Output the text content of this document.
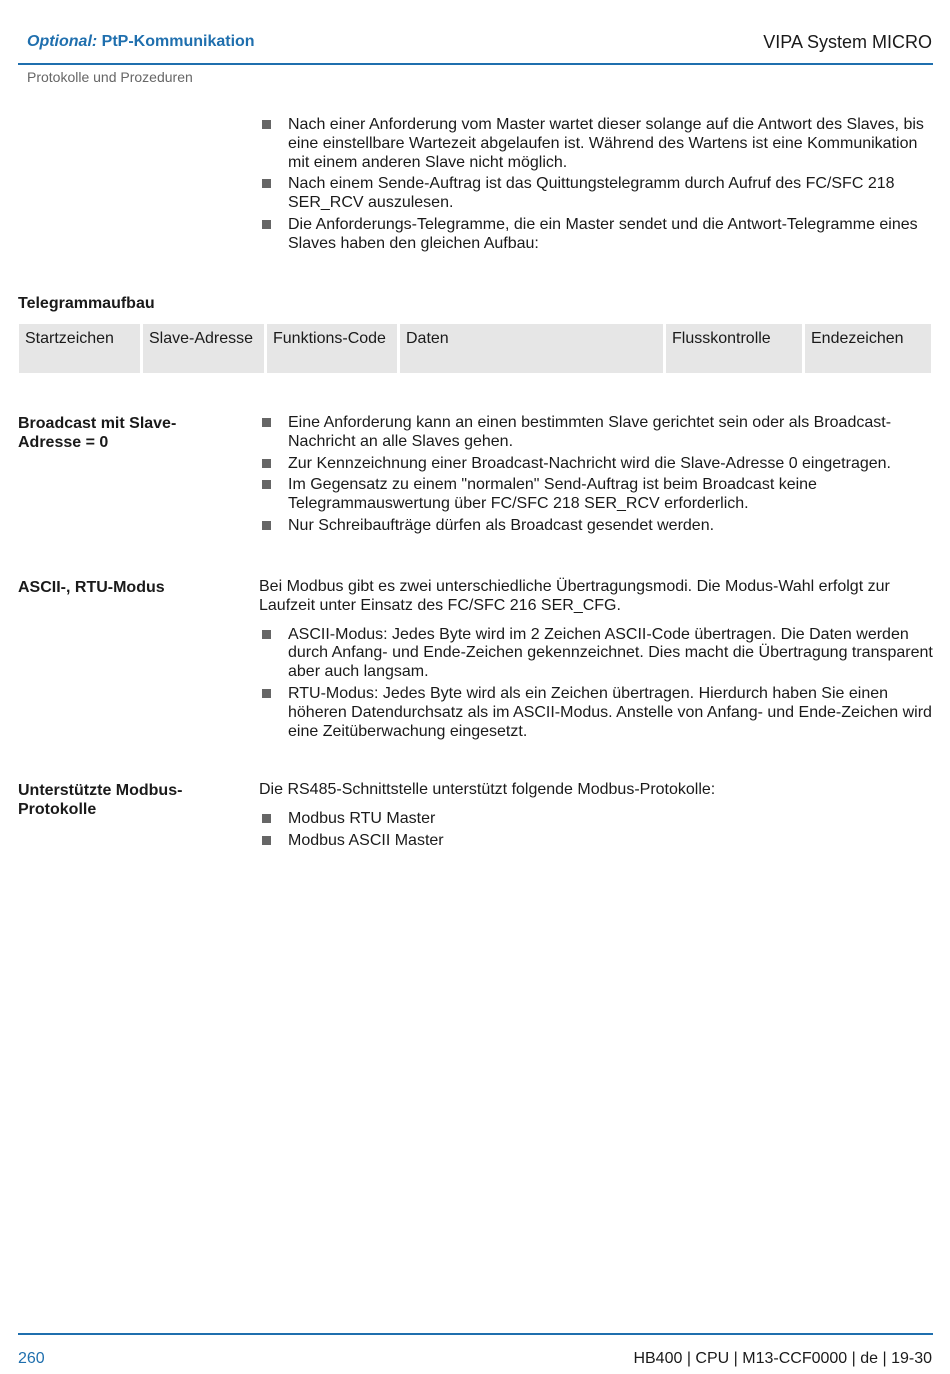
Optional: PtP-Kommunikation	VIPA System MICRO
Protokolle und Prozeduren
Nach einer Anforderung vom Master wartet dieser solange auf die Antwort des Slaves, bis eine einstellbare Wartezeit abgelaufen ist. Während des Wartens ist eine Kommunikation mit einem anderen Slave nicht möglich.
Nach einem Sende-Auftrag ist das Quittungstelegramm durch Aufruf des FC/SFC 218 SER_RCV auszulesen.
Die Anforderungs-Telegramme, die ein Master sendet und die Antwort-Telegramme eines Slaves haben den gleichen Aufbau:
Telegrammaufbau
Startzeichen	Slave-Adresse	Funktions-Code	Daten	Flusskontrolle	Endezeichen
Broadcast mit Slave-Adresse = 0
Eine Anforderung kann an einen bestimmten Slave gerichtet sein oder als Broadcast-Nachricht an alle Slaves gehen.
Zur Kennzeichnung einer Broadcast-Nachricht wird die Slave-Adresse 0 eingetragen.
Im Gegensatz zu einem "normalen" Send-Auftrag ist beim Broadcast keine Telegrammauswertung über FC/SFC 218 SER_RCV erforderlich.
Nur Schreibaufträge dürfen als Broadcast gesendet werden.
ASCII-, RTU-Modus	Bei Modbus gibt es zwei unterschiedliche Übertragungsmodi. Die Modus-Wahl erfolgt zur Laufzeit unter Einsatz des FC/SFC 216 SER_CFG.

ASCII-Modus: Jedes Byte wird im 2 Zeichen ASCII-Code übertragen. Die Daten werden durch Anfang- und Ende-Zeichen gekennzeichnet. Dies macht die Übertragung transparent aber auch langsam.
RTU-Modus: Jedes Byte wird als ein Zeichen übertragen. Hierdurch haben Sie einen höheren Datendurchsatz als im ASCII-Modus. Anstelle von Anfang- und Ende-Zeichen wird eine Zeitüberwachung eingesetzt.
Unterstützte Modbus-Protokolle

Die RS485-Schnittstelle unterstützt folgende Modbus-Protokolle:

Modbus RTU Master
Modbus ASCII Master
260	HB400 | CPU | M13-CCF0000 | de | 19-30
